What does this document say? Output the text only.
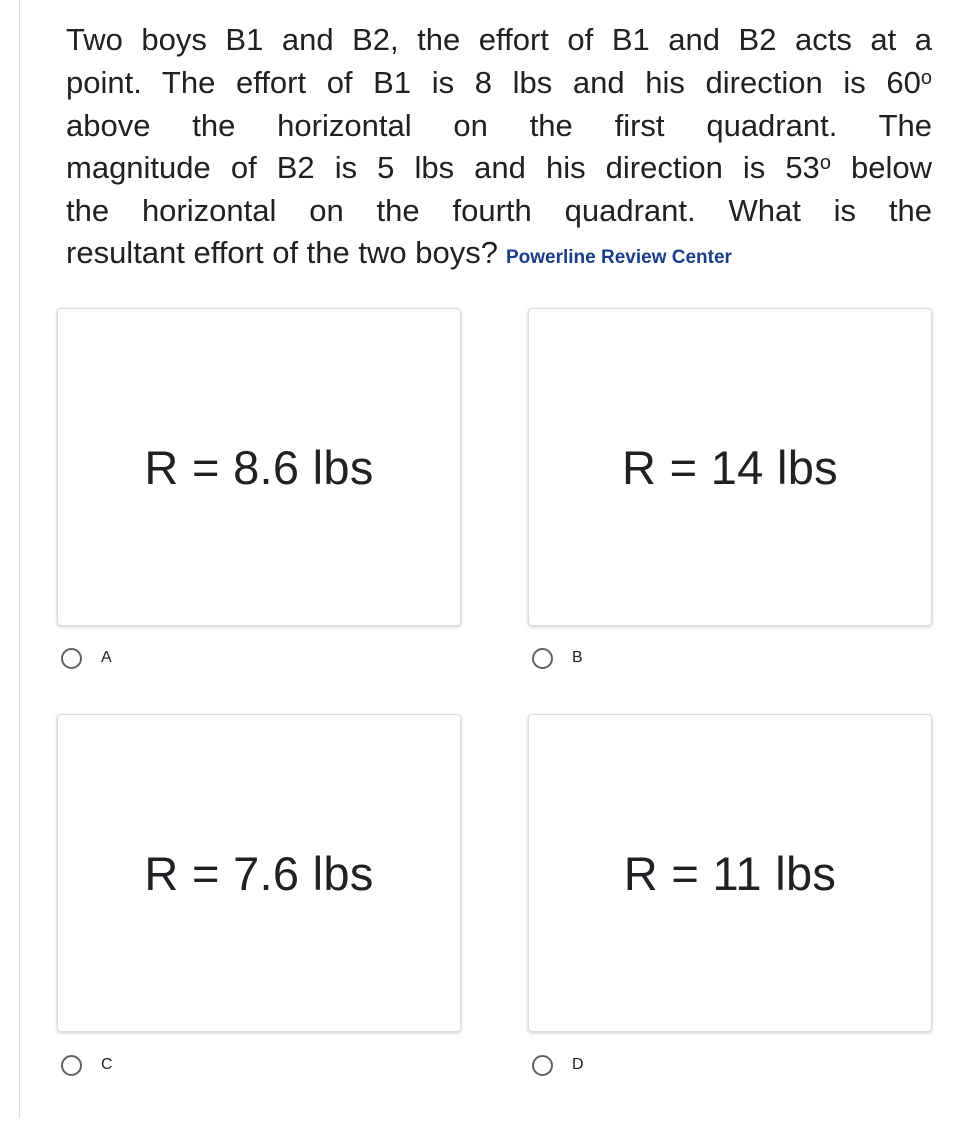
Two boys B1 and B2, the effort of B1 and B2 acts at a
point. The effort of B1 is 8 lbs and his direction is 60$^o$
above the horizontal on the first quadrant. The
magnitude of B2 is 5 lbs and his direction is 53$^o$ below
the horizontal on the fourth quadrant. What is the
resultant effort of the two boys? Powerline Review Center
R = 8.6 lbs
A
R = 14 lbs
B
R = 7.6 lbs
C
R = 11 lbs
D
